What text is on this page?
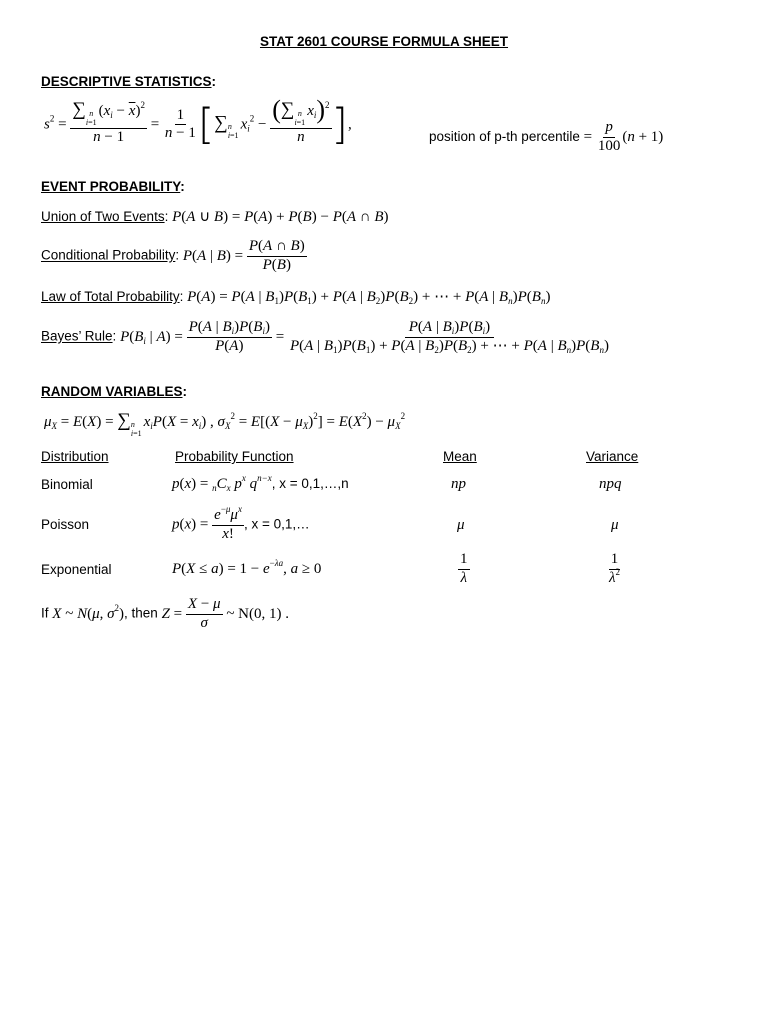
STAT 2601 COURSE FORMULA SHEET
DESCRIPTIVE STATISTICS:
$s^2$ = ∑ n
i=1
$(x_i - \overline{x})^2$
$n - 1 = \frac{1}{n - 1}$ [∑ n
i=1
$x_i^2$ − (∑ n
i=1
$x_i)^2$
n ],
position of p-th percentile = $\frac{p}{100} (n + 1)$
EVENT PROBABILITY:
Union of Two Events: P(A ∪ B) = P(A) + P(B) − P(A ∩ B)
Conditional Probability: P(A | $B) = \frac{P(A \cap B)}{P(B)}$
Law of Total Probability: P(A) = P(A | $B_1)P(B_1) + P(A$ | $B_2)P(B_2)$ + ⋯ + P(A | $B_n)P(B_n)$
Bayes’ Rule: $P(B_i$ | $A) = \frac{P(A | B_i)P(B_i)}{P(A)} = \frac{P(A | B_i)P(B_i)}{P(A | B_1)P(B_1) + P(A | B_2)P(B_2) + \cdots + P(A | B_n)P(B_n)}$
RANDOM VARIABLES:
$\mu_X = E(X)$ = ∑ n
i=1
$x_iP(X = x_i)$ , $\sigma_X^2 = E[(X - \mu_X)^2] = E(X^2) - \mu_X^2$
Distribution	Probability Function	Mean	Variance
Binomial	$p(x) = _nC_x$ $p^x$ $q^{n-x}$, x = 0,1,…,n	np	npq
Poisson	$p(x) = \frac{e^{-\mu}\mu^x}{x!}$ , x = 0,1,…	μ	μ
Exponential	$P(X \le a) = 1 - e^{-\lambda a}$, a ≥ 0	$\frac{1}{\lambda}$	$\frac{1}{\lambda^2}$
If X ~ N(μ, $\sigma^2$), then $Z = \frac{X - \mu}{\sigma}$ ~ N(0, 1) .
